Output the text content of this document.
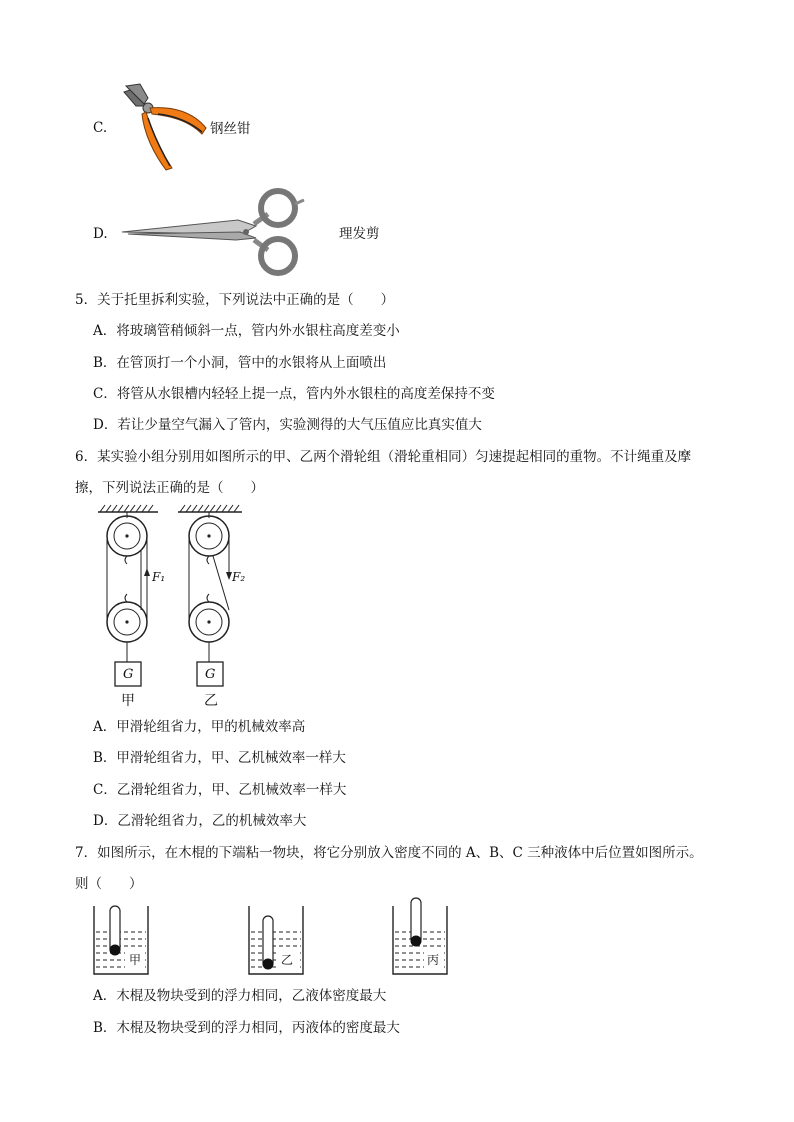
C.	钢丝钳
D.	理发剪
5．关于托里拆利实验，下列说法中正确的是（　　）
A．将玻璃管稍倾斜一点，管内外水银柱高度差变小
B．在管顶打一个小洞，管中的水银将从上面喷出
C．将管从水银槽内轻轻上提一点，管内外水银柱的高度差保持不变
D．若让少量空气漏入了管内，实验测得的大气压值应比真实值大
6．某实验小组分别用如图所示的甲、乙两个滑轮组（滑轮重相同）匀速提起相同的重物。不计绳重及摩
擦，下列说法正确的是（　　）
F₁	F₂
G	G
甲	乙
A．甲滑轮组省力，甲的机械效率高
B．甲滑轮组省力，甲、乙机械效率一样大
C．乙滑轮组省力，甲、乙机械效率一样大
D．乙滑轮组省力，乙的机械效率大
7．如图所示，在木棍的下端粘一物块，将它分别放入密度不同的 A、B、C 三种液体中后位置如图所示。
则（　　）
甲	乙	丙
A．木棍及物块受到的浮力相同，乙液体密度最大
B．木棍及物块受到的浮力相同，丙液体的密度最大
